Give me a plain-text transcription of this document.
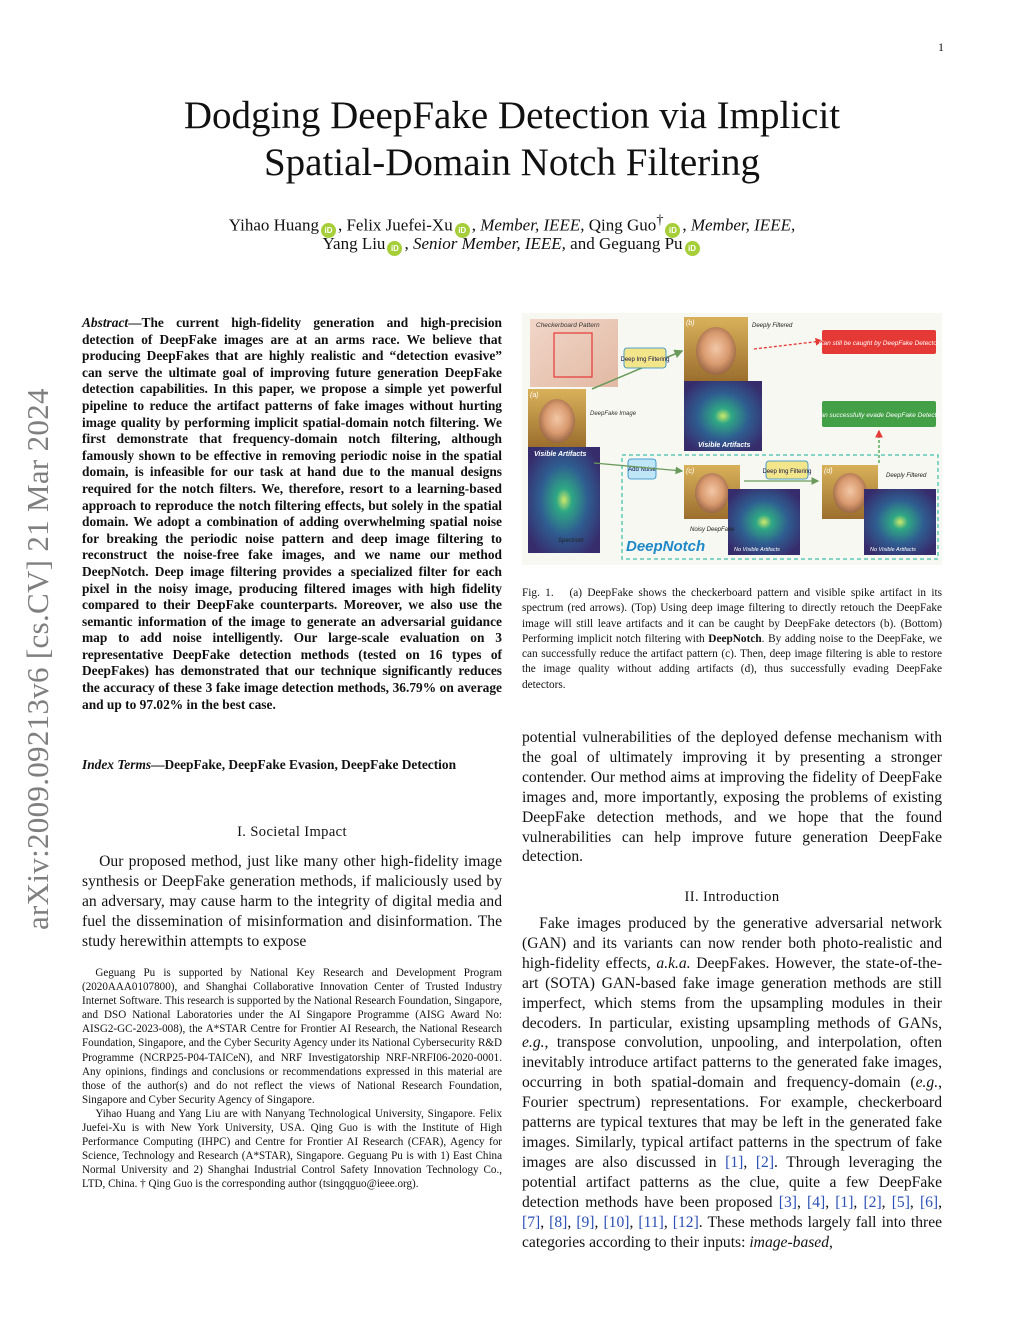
1
arXiv:2009.09213v6 [cs.CV] 21 Mar 2024
Dodging DeepFake Detection via Implicit
Spatial-Domain Notch Filtering
Yihao Huang iD , Felix Juefei-Xu iD , Member, IEEE, Qing Guo†iD , Member, IEEE,
Yang Liu iD , Senior Member, IEEE, and Geguang Pu iD
Abstract—The current high-fidelity generation and high-precision detection of DeepFake images are at an arms race. We believe that producing DeepFakes that are highly realistic and “detection evasive” can serve the ultimate goal of improving future generation DeepFake detection capabilities. In this paper, we propose a simple yet powerful pipeline to reduce the artifact patterns of fake images without hurting image quality by performing implicit spatial-domain notch filtering. We first demonstrate that frequency-domain notch filtering, although famously shown to be effective in removing periodic noise in the spatial domain, is infeasible for our task at hand due to the manual designs required for the notch filters. We, therefore, resort to a learning-based approach to reproduce the notch filtering effects, but solely in the spatial domain. We adopt a combination of adding overwhelming spatial noise for breaking the periodic noise pattern and deep image filtering to reconstruct the noise-free fake images, and we name our method DeepNotch. Deep image filtering provides a specialized filter for each pixel in the noisy image, producing filtered images with high fidelity compared to their DeepFake counterparts. Moreover, we also use the semantic information of the image to generate an adversarial guidance map to add noise intelligently. Our large-scale evaluation on 3 representative DeepFake detection methods (tested on 16 types of DeepFakes) has demonstrated that our technique significantly reduces the accuracy of these 3 fake image detection methods, 36.79% on average and up to 97.02% in the best case.
Index Terms—DeepFake, DeepFake Evasion, DeepFake Detection
I. Societal Impact
Our proposed method, just like many other high-fidelity image synthesis or DeepFake generation methods, if maliciously used by an adversary, may cause harm to the integrity of digital media and fuel the dissemination of misinformation and disinformation. The study herewithin attempts to expose

Geguang Pu is supported by National Key Research and Development Program (2020AAA0107800), and Shanghai Collaborative Innovation Center of Trusted Industry Internet Software. This research is supported by the National Research Foundation, Singapore, and DSO National Laboratories under the AI Singapore Programme (AISG Award No: AISG2-GC-2023-008), the A*STAR Centre for Frontier AI Research, the National Research Foundation, Singapore, and the Cyber Security Agency under its National Cybersecurity R&D Programme (NCRP25-P04-TAICeN), and NRF Investigatorship NRF-NRFI06-2020-0001. Any opinions, findings and conclusions or recommendations expressed in this material are those of the author(s) and do not reflect the views of National Research Foundation, Singapore and Cyber Security Agency of Singapore.

Yihao Huang and Yang Liu are with Nanyang Technological University, Singapore. Felix Juefei-Xu is with New York University, USA. Qing Guo is with the Institute of High Performance Computing (IHPC) and Centre for Frontier AI Research (CFAR), Agency for Science, Technology and Research (A*STAR), Singapore. Geguang Pu is with 1) East China Normal University and 2) Shanghai Industrial Control Safety Innovation Technology Co., LTD, China. † Qing Guo is the corresponding author (tsingqguo@ieee.org).

Checkerboard Pattern
(a)
DeepFake Image
Visible Artifacts
Spectrum
Deep Img Filtering
(b)
Visible Artifacts
Deeply Filtered
Can still be caught by DeepFake Detector
Can successfully evade DeepFake Detector
Add Noise	(c)
Noisy DeepFake
No Visible Artifacts
Deep Img Filtering (d)
Deeply Filtered
No Visible Artifacts
DeepNotch
Fig. 1. (a) DeepFake shows the checkerboard pattern and visible spike artifact in its spectrum (red arrows). (Top) Using deep image filtering to directly retouch the DeepFake image will still leave artifacts and it can be caught by DeepFake detectors (b). (Bottom) Performing implicit notch filtering with DeepNotch. By adding noise to the DeepFake, we can successfully reduce the artifact pattern (c). Then, deep image filtering is able to restore the image quality without adding artifacts (d), thus successfully evading DeepFake detectors.
potential vulnerabilities of the deployed defense mechanism with the goal of ultimately improving it by presenting a stronger contender. Our method aims at improving the fidelity of DeepFake images and, more importantly, exposing the problems of existing DeepFake detection methods, and we hope that the found vulnerabilities can help improve future generation DeepFake detection.
II. Introduction
Fake images produced by the generative adversarial network (GAN) and its variants can now render both photo-realistic and high-fidelity effects, a.k.a. DeepFakes. However, the state-of-the-art (SOTA) GAN-based fake image generation methods are still imperfect, which stems from the upsampling modules in their decoders. In particular, existing upsampling methods of GANs, e.g., transpose convolution, unpooling, and interpolation, often inevitably introduce artifact patterns to the generated fake images, occurring in both spatial-domain and frequency-domain (e.g., Fourier spectrum) representations. For example, checkerboard patterns are typical textures that may be left in the generated fake images. Similarly, typical artifact patterns in the spectrum of fake images are also discussed in [1], [2]. Through leveraging the potential artifact patterns as the clue, quite a few DeepFake detection methods have been proposed [3], [4], [1], [2], [5], [6], [7], [8], [9], [10], [11], [12]. These methods largely fall into three categories according to their inputs: image-based,
